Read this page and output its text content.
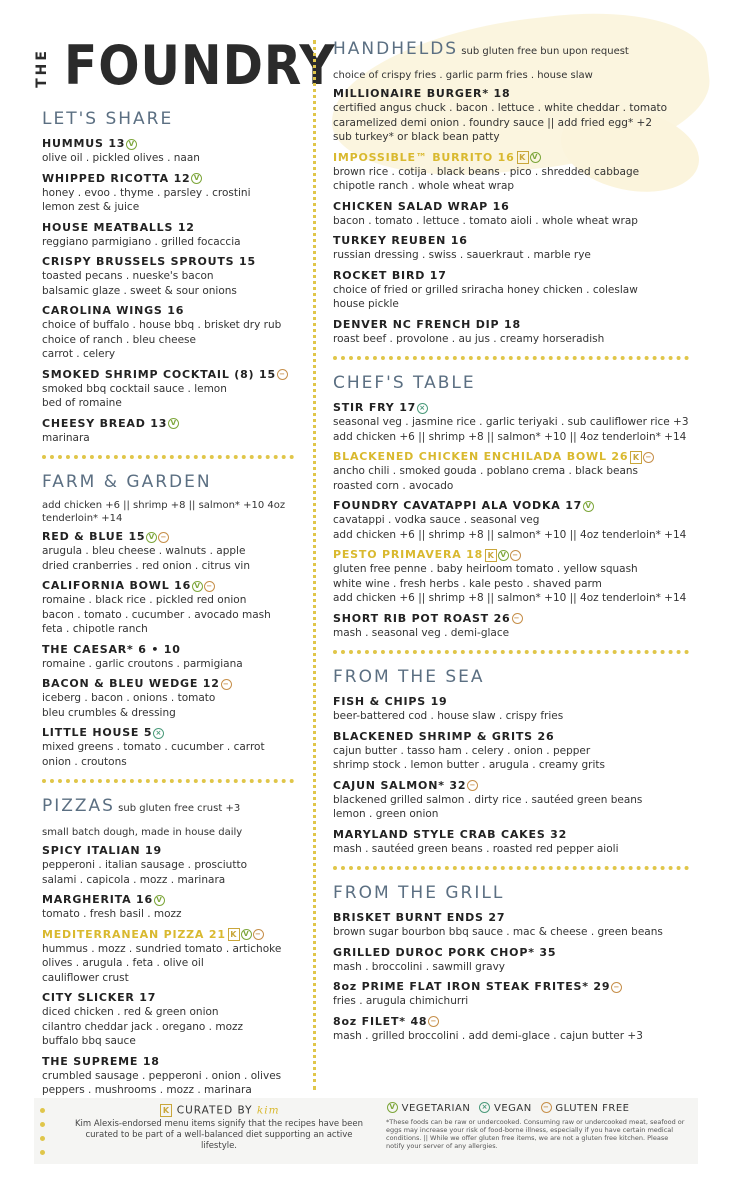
THE FOUNDRY
LET'S SHARE
HUMMUS 13 V
olive oil . pickled olives . naan
WHIPPED RICOTTA 12 V
honey . evoo . thyme . parsley . crostini
lemon zest & juice
HOUSE MEATBALLS 12
reggiano parmigiano . grilled focaccia
CRISPY BRUSSELS SPROUTS 15
toasted pecans . nueske's bacon
balsamic glaze . sweet & sour onions
CAROLINA WINGS 16
choice of buffalo . house bbq . brisket dry rub
choice of ranch . bleu cheese
carrot . celery
SMOKED SHRIMP COCKTAIL (8) 15 −
smoked bbq cocktail sauce . lemon
bed of romaine
CHEESY BREAD 13 V
marinara
FARM & GARDEN
add chicken +6 || shrimp +8 || salmon* +10 4oz tenderloin* +14
RED & BLUE 15 V −
arugula . bleu cheese . walnuts . apple
dried cranberries . red onion . citrus vin
CALIFORNIA BOWL 16 V −
romaine . black rice . pickled red onion
bacon . tomato . cucumber . avocado mash
feta . chipotle ranch
THE CAESAR* 6 • 10
romaine . garlic croutons . parmigiana
BACON & BLEU WEDGE 12 −
iceberg . bacon . onions . tomato
bleu crumbles & dressing
LITTLE HOUSE 5 ×
mixed greens . tomato . cucumber . carrot
onion . croutons
PIZZAS sub gluten free crust +3
small batch dough, made in house daily
SPICY ITALIAN 19
pepperoni . italian sausage . prosciutto
salami . capicola . mozz . marinara
MARGHERITA 16 V
tomato . fresh basil . mozz
MEDITERRANEAN PIZZA 21 K V −
hummus . mozz . sundried tomato . artichoke
olives . arugula . feta . olive oil
cauliflower crust
CITY SLICKER 17
diced chicken . red & green onion
cilantro cheddar jack . oregano . mozz
buffalo bbq sauce
THE SUPREME 18
crumbled sausage . pepperoni . onion . olives
peppers . mushrooms . mozz . marinara
HANDHELDS sub gluten free bun upon request
choice of crispy fries . garlic parm fries . house slaw
MILLIONAIRE BURGER* 18
certified angus chuck . bacon . lettuce . white cheddar . tomato
caramelized demi onion . foundry sauce || add fried egg* +2
sub turkey* or black bean patty
IMPOSSIBLE™ BURRITO 16 K V
brown rice . cotija . black beans . pico . shredded cabbage
chipotle ranch . whole wheat wrap
CHICKEN SALAD WRAP 16
bacon . tomato . lettuce . tomato aioli . whole wheat wrap
TURKEY REUBEN 16
russian dressing . swiss . sauerkraut . marble rye
ROCKET BIRD 17
choice of fried or grilled sriracha honey chicken . coleslaw
house pickle
DENVER NC FRENCH DIP 18
roast beef . provolone . au jus . creamy horseradish
CHEF'S TABLE
STIR FRY 17 ×
seasonal veg . jasmine rice . garlic teriyaki . sub cauliflower rice +3
add chicken +6 || shrimp +8 || salmon* +10 || 4oz tenderloin* +14
BLACKENED CHICKEN ENCHILADA BOWL 26 K −
ancho chili . smoked gouda . poblano crema . black beans
roasted corn . avocado
FOUNDRY CAVATAPPI ALA VODKA 17 V
cavatappi . vodka sauce . seasonal veg
add chicken +6 || shrimp +8 || salmon* +10 || 4oz tenderloin* +14
PESTO PRIMAVERA 18 K V −
gluten free penne . baby heirloom tomato . yellow squash
white wine . fresh herbs . kale pesto . shaved parm
add chicken +6 || shrimp +8 || salmon* +10 || 4oz tenderloin* +14
SHORT RIB POT ROAST 26 −
mash . seasonal veg . demi-glace
FROM THE SEA
FISH & CHIPS 19
beer-battered cod . house slaw . crispy fries
BLACKENED SHRIMP & GRITS 26
cajun butter . tasso ham . celery . onion . pepper
shrimp stock . lemon butter . arugula . creamy grits
CAJUN SALMON* 32 −
blackened grilled salmon . dirty rice . sautéed green beans
lemon . green onion
MARYLAND STYLE CRAB CAKES 32
mash . sautéed green beans . roasted red pepper aioli
FROM THE GRILL
BRISKET BURNT ENDS 27
brown sugar bourbon bbq sauce . mac & cheese . green beans
GRILLED DUROC PORK CHOP* 35
mash . broccolini . sawmill gravy
8oz PRIME FLAT IRON STEAK FRITES* 29 −
fries . arugula chimichurri
8oz FILET* 48 −
mash . grilled broccolini . add demi-glace . cajun butter +3
K CURATED BY kim
Kim Alexis-endorsed menu items signify that the recipes have been curated to be part of a well-balanced diet supporting an active lifestyle.
V VEGETARIAN × VEGAN − GLUTEN FREE
*These foods can be raw or undercooked. Consuming raw or undercooked meat, seafood or eggs may increase your risk of food-borne illness, especially if you have certain medical conditions. || While we offer gluten free items, we are not a gluten free kitchen. Please notify your server of any allergies.
